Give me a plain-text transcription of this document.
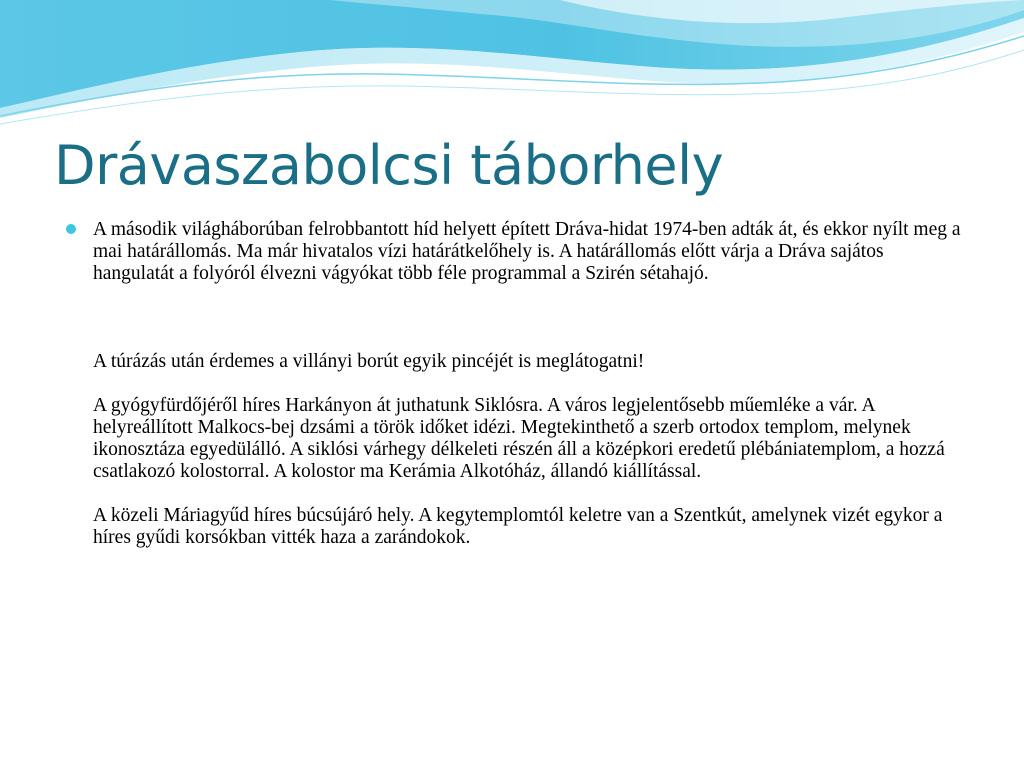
Drávaszabolcsi táborhely

A második világháborúban felrobbantott híd helyett épített Dráva-hidat 1974-ben adták át, és ekkor nyílt meg a mai határállomás. Ma már hivatalos vízi határátkelőhely is. A határállomás előtt várja a Dráva sajátos hangulatát a folyóról élvezni vágyókat több féle programmal a Szirén sétahajó.

A túrázás után érdemes a villányi borút egyik pincéjét is meglátogatni!

A gyógyfürdőjéről híres Harkányon át juthatunk Siklósra. A város legjelentősebb műemléke a vár. A helyreállított Malkocs-bej dzsámi a török időket idézi. Megtekinthető a szerb ortodox templom, melynek ikonosztáza egyedülálló. A siklósi várhegy délkeleti részén áll a középkori eredetű plébániatemplom, a hozzá csatlakozó kolostorral. A kolostor ma Kerámia Alkotóház, állandó kiállítással.

A közeli Máriagyűd híres búcsújáró hely. A kegytemplomtól keletre van a Szentkút, amelynek vizét egykor a híres gyűdi korsókban vitték haza a zarándokok.
